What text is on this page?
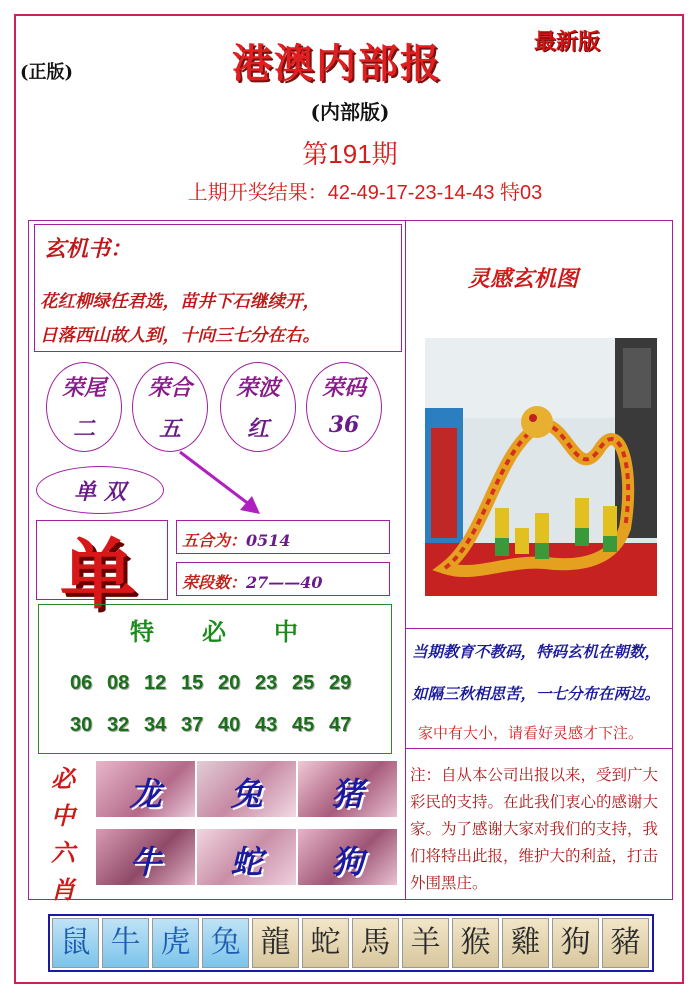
(正版)	港澳内部报	最新版
(内部版)
第191期
上期开奖结果：42-49-17-23-14-43 特03
玄机书：
花红柳绿任君选，苗井下石继续开，
日落西山故人到，十向三七分在右。
荣尾
二
荣合
五
荣波
红
荣码
36
单 双
单	五合为：0514
荣段数：27——40
特必中
06 08 12 15 20 23 25 29
30 32 34 37 40 43 45 47
必中六肖
龙	兔	猪
牛	蛇	狗
灵感玄机图
当期教育不教码，特码玄机在朝数，
如隔三秋相思苦，一七分布在两边。
家中有大小，请看好灵感才下注。
注：自从本公司出报以来，受到广大彩民的支持。在此我们衷心的感谢大家。为了感谢大家对我们的支持，我们将特出此报，维护大的利益，打击外围黑庄。
鼠 牛 虎 兔 龍 蛇 馬 羊 猴 雞 狗 豬
